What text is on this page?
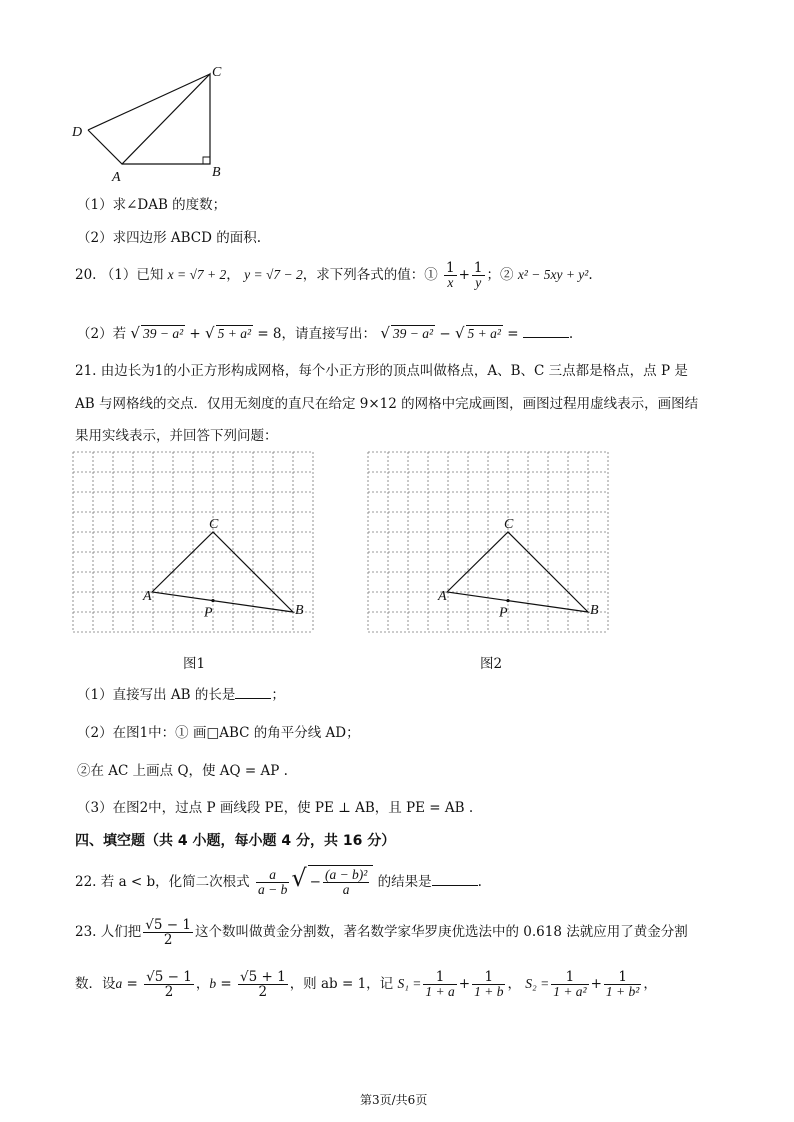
C
D
A	B
（1）求∠DAB 的度数；
（2）求四边形 ABCD 的面积.
20. （1）已知 x = √7 + 2， y = √7 − 2，求下列各式的值：① $\frac{1}{x} + \frac{1}{y}$ ；② x² − 5xy + y².
（2）若 √ 39 − a² + √ 5 + a² = 8，请直接写出： √ 39 − a² − √ 5 + a² =	.
21. 由边长为1的小正方形构成网格，每个小正方形的顶点叫做格点，A、B、C 三点都是格点，点 P 是
AB 与网格线的交点．仅用无刻度的直尺在给定 9×12 的网格中完成画图，画图过程用虚线表示，画图结
果用实线表示，并回答下列问题：
A
B
C
P
A
B
C
P
图1	图2
（1）直接写出 AB 的长是	；
（2）在图1中：① 画□ABC 的角平分线 AD；
②在 AC 上画点 Q，使 AQ = AP .
（3）在图2中，过点 P 画线段 PE，使 PE ⊥ AB，且 PE = AB .
四、填空题（共 4 小题，每小题 4 分，共 16 分）
22. 若 a < b，化简二次根式 $\frac{a}{a - b}$ √ − $\frac{\text{(a − b)²}}{a}$ 的结果是	.
23. 人们把 $\frac{√5 - 1}{2}$ 这个数叫做黄金分割数，著名数学家华罗庚优选法中的 0.618 法就应用了黄金分割
数．设$a = \frac{√5 - 1}{2}$ ，$b = \frac{√5 + 1}{2}$ ，则 ab = 1，记 $S_1 = \frac{1}{1 + a} + \frac{1}{1 + b}$ ， $S_2 = \frac{1}{\text{1 + a²}} + \frac{1}{\text{1 + b²}}$ ，
第3页/共6页
